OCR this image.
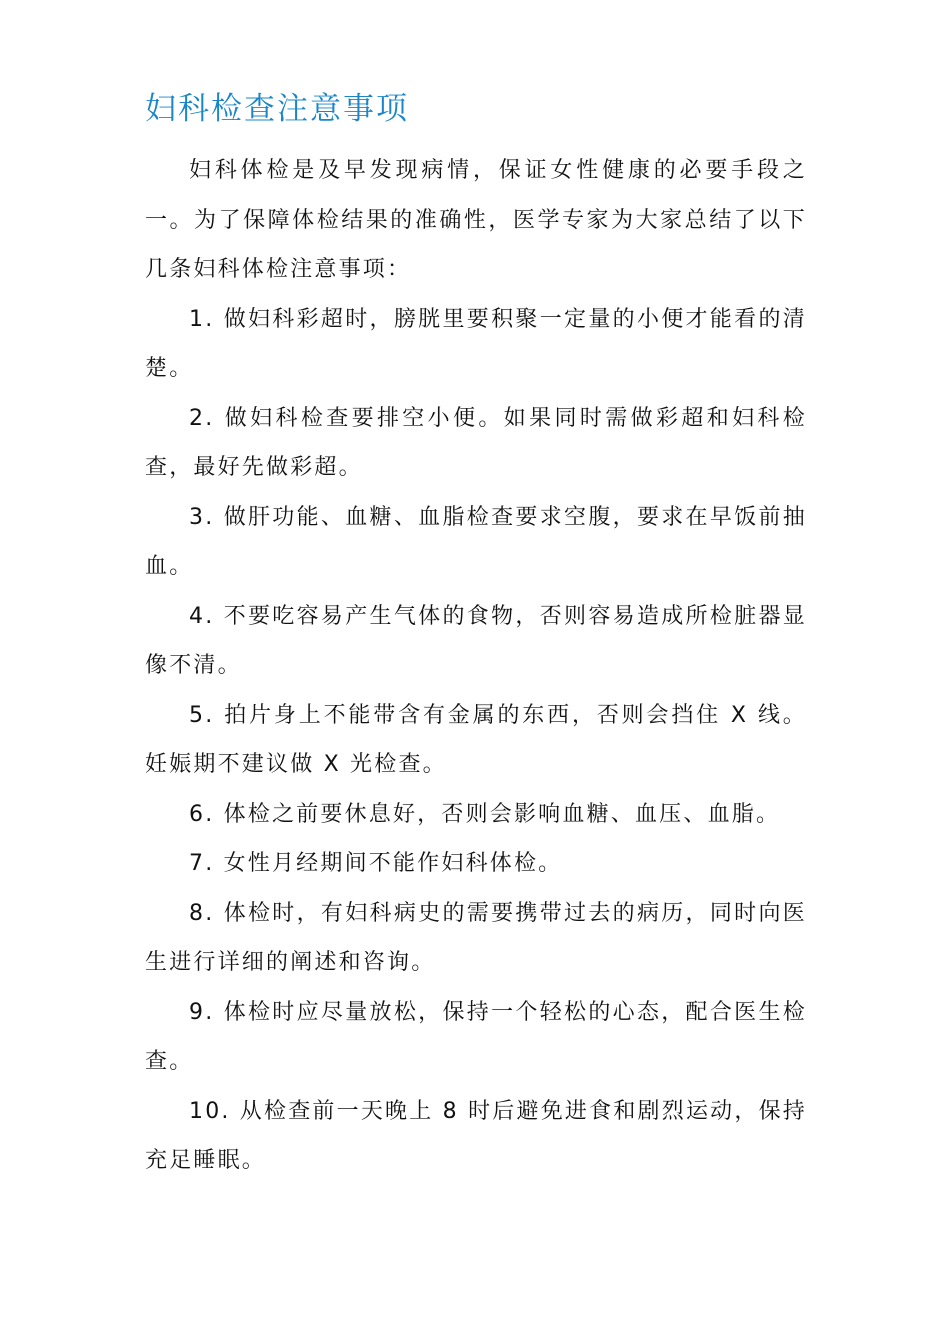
妇科检查注意事项

妇科体检是及早发现病情，保证女性健康的必要手段之一。为了保障体检结果的准确性，医学专家为大家总结了以下几条妇科体检注意事项：

1. 做妇科彩超时，膀胱里要积聚一定量的小便才能看的清楚。

2. 做妇科检查要排空小便。如果同时需做彩超和妇科检查，最好先做彩超。

3. 做肝功能、血糖、血脂检查要求空腹，要求在早饭前抽血。

4. 不要吃容易产生气体的食物，否则容易造成所检脏器显像不清。

5. 拍片身上不能带含有金属的东西，否则会挡住 X 线。妊娠期不建议做 X 光检查。

6. 体检之前要休息好，否则会影响血糖、血压、血脂。

7. 女性月经期间不能作妇科体检。

8. 体检时，有妇科病史的需要携带过去的病历，同时向医生进行详细的阐述和咨询。

9. 体检时应尽量放松，保持一个轻松的心态，配合医生检查。

10. 从检查前一天晚上 8 时后避免进食和剧烈运动，保持充足睡眠。
